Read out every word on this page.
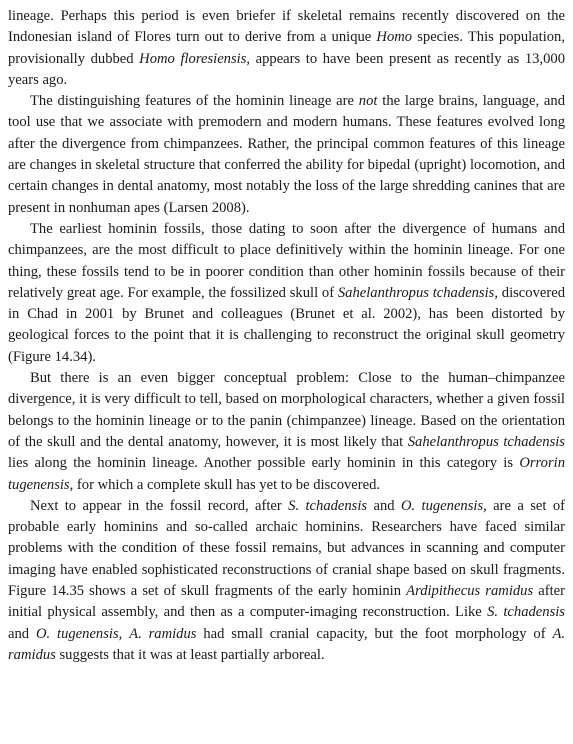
lineage. Perhaps this period is even briefer if skeletal remains recently discovered on the Indonesian island of Flores turn out to derive from a unique Homo species. This population, provisionally dubbed Homo floresiensis, appears to have been present as recently as 13,000 years ago.

The distinguishing features of the hominin lineage are not the large brains, language, and tool use that we associate with premodern and modern humans. These features evolved long after the divergence from chimpanzees. Rather, the principal common features of this lineage are changes in skeletal structure that conferred the ability for bipedal (upright) locomotion, and certain changes in dental anatomy, most notably the loss of the large shredding canines that are present in nonhuman apes (Larsen 2008).

The earliest hominin fossils, those dating to soon after the divergence of humans and chimpanzees, are the most difficult to place definitively within the hominin lineage. For one thing, these fossils tend to be in poorer condition than other hominin fossils because of their relatively great age. For example, the fossilized skull of Sahelanthropus tchadensis, discovered in Chad in 2001 by Brunet and colleagues (Brunet et al. 2002), has been distorted by geological forces to the point that it is challenging to reconstruct the original skull geometry (Figure 14.34).

But there is an even bigger conceptual problem: Close to the human–chimpanzee divergence, it is very difficult to tell, based on morphological characters, whether a given fossil belongs to the hominin lineage or to the panin (chimpanzee) lineage. Based on the orientation of the skull and the dental anatomy, however, it is most likely that Sahelanthropus tchadensis lies along the hominin lineage. Another possible early hominin in this category is Orrorin tugenensis, for which a complete skull has yet to be discovered.

Next to appear in the fossil record, after S. tchadensis and O. tugenensis, are a set of probable early hominins and so-called archaic hominins. Researchers have faced similar problems with the condition of these fossil remains, but advances in scanning and computer imaging have enabled sophisticated reconstructions of cranial shape based on skull fragments. Figure 14.35 shows a set of skull fragments of the early hominin Ardipithecus ramidus after initial physical assembly, and then as a computer-imaging reconstruction. Like S. tchadensis and O. tugenensis, A. ramidus had small cranial capacity, but the foot morphology of A. ramidus suggests that it was at least partially arboreal.
